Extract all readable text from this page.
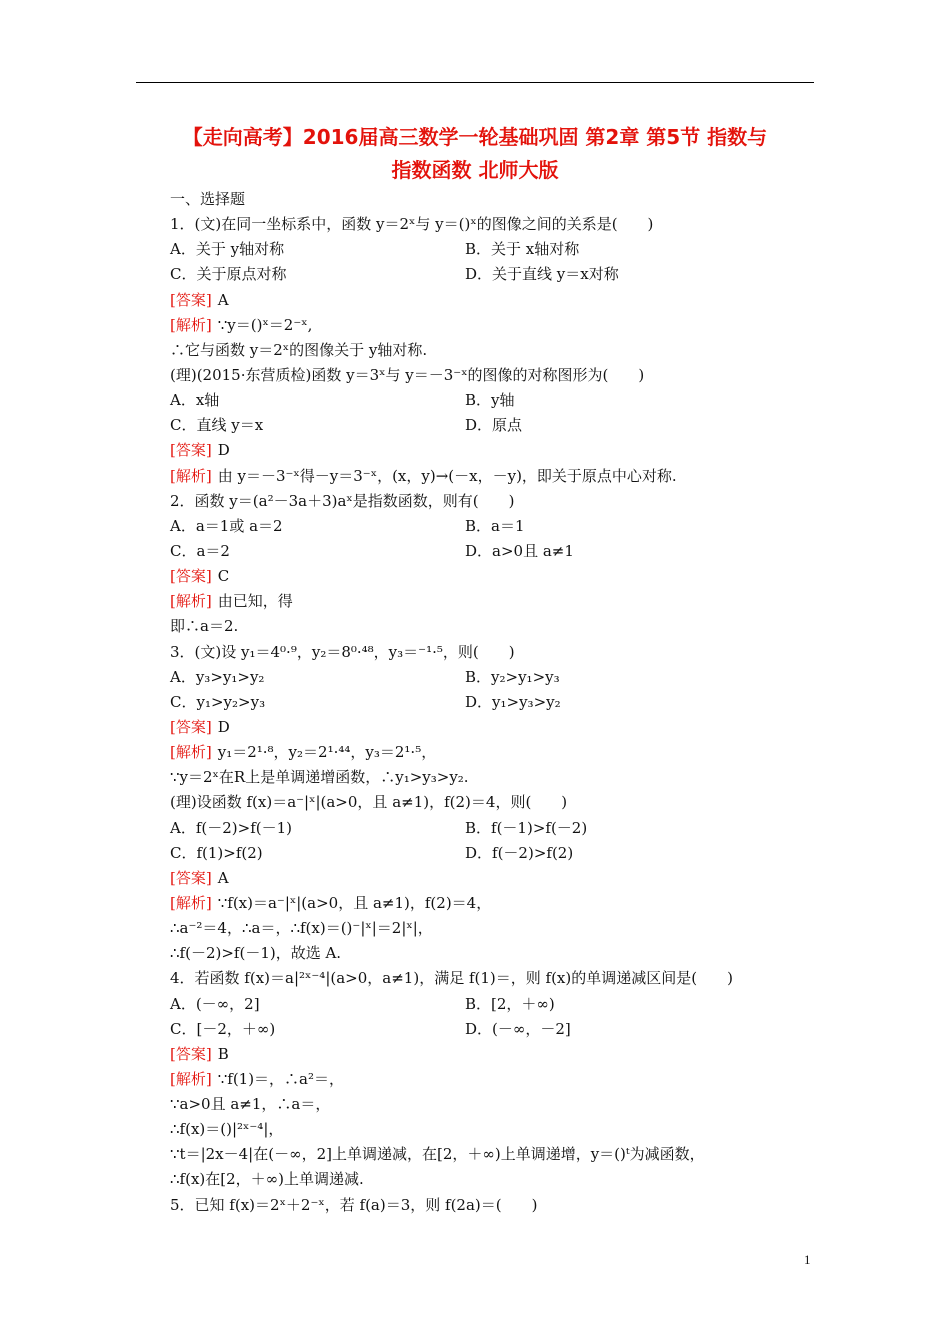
【走向高考】2016届高三数学一轮基础巩固 第2章 第5节 指数与
指数函数 北师大版
一、选择题
1．(文)在同一坐标系中，函数 y＝2ˣ与 y＝()ˣ的图像之间的关系是(　　)
A．关于 y轴对称	B．关于 x轴对称
C．关于原点对称	D．关于直线 y＝x对称
[答案] A
[解析] ∵y＝()ˣ＝2⁻ˣ,
∴它与函数 y＝2ˣ的图像关于 y轴对称.
(理)(2015·东营质检)函数 y＝3ˣ与 y＝－3⁻ˣ的图像的对称图形为(　　)
A．x轴	B．y轴
C．直线 y＝x	D．原点
[答案] D
[解析] 由 y＝－3⁻ˣ得－y＝3⁻ˣ，(x，y)→(－x，－y)，即关于原点中心对称.
2．函数 y＝(a²－3a＋3)aˣ是指数函数，则有(　　)
A．a＝1或 a＝2	B．a＝1
C．a＝2	D．a>0且 a≠1
[答案] C
[解析] 由已知，得
即∴a＝2.
3．(文)设 y₁＝4⁰·⁹，y₂＝8⁰·⁴⁸，y₃＝⁻¹·⁵，则(　　)
A．y₃>y₁>y₂	B．y₂>y₁>y₃
C．y₁>y₂>y₃	D．y₁>y₃>y₂
[答案] D
[解析] y₁＝2¹·⁸，y₂＝2¹·⁴⁴，y₃＝2¹·⁵，
∵y＝2ˣ在R上是单调递增函数，∴y₁>y₃>y₂.
(理)设函数 f(x)＝a⁻|ˣ|(a>0，且 a≠1)，f(2)＝4，则(　　)
A．f(－2)>f(－1)	B．f(－1)>f(－2)
C．f(1)>f(2)	D．f(－2)>f(2)
[答案] A
[解析] ∵f(x)＝a⁻|ˣ|(a>0，且 a≠1)，f(2)＝4，
∴a⁻²＝4，∴a＝，∴f(x)＝()⁻|ˣ|＝2|ˣ|，
∴f(－2)>f(－1)，故选 A.
4．若函数 f(x)＝a|²ˣ⁻⁴|(a>0，a≠1)，满足 f(1)＝，则 f(x)的单调递减区间是(　　)
A．(－∞，2]	B．[2，＋∞)
C．[－2，＋∞)	D．(－∞，－2]
[答案] B
[解析] ∵f(1)＝，∴a²＝，
∵a>0且 a≠1，∴a＝，
∴f(x)＝()|²ˣ⁻⁴|，
∵t＝|2x－4|在(－∞，2]上单调递减，在[2，＋∞)上单调递增，y＝()ᵗ为减函数，
∴f(x)在[2，＋∞)上单调递减.
5．已知 f(x)＝2ˣ＋2⁻ˣ，若 f(a)＝3，则 f(2a)＝(　　)
1
